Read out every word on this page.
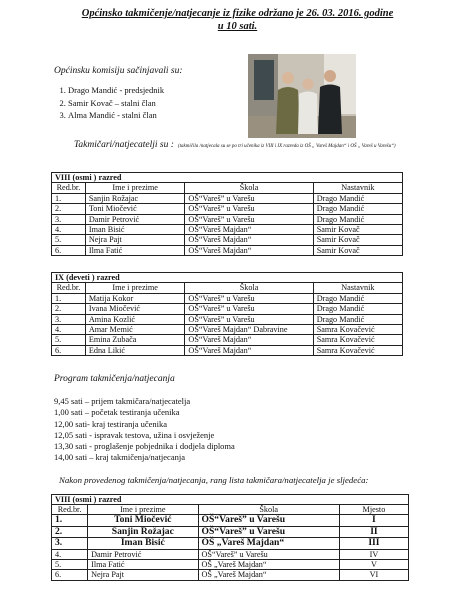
Općinsko takmičenje/natjecanje iz fizike održano je 26. 03. 2016. godine
u 10 sati.
Općinsku komisiju sačinjavali su:
1. Drago Mandić - predsjednik
2. Samir Kovač – stalni član
3. Alma Mandić - stalni član
Takmičari/natjecatelji su : (takmičila /natjecala su se po tri učenika iz VIII i IX razreda iz OŠ „ Vareš Majdan“ i OŠ „ Vareš u Varešu“)
VIII (osmi ) razred			
Red.br.	Ime i prezime	Škola	Nastavnik
1.	Sanjin Rožajac	OŠ“Vareš” u Varešu	Drago Mandić
2.	Toni Miočević	OŠ“Vareš” u Varešu	Drago Mandić
3.	Damir Petrović	OŠ“Vareš” u Varešu	Drago Mandić
4.	Iman Bisić	OŠ“Vareš Majdan“	Samir Kovač
5.	Nejra Pajt	OŠ“Vareš Majdan“	Samir Kovač
6.	Ilma Fatić	OŠ“Vareš Majdan“	Samir Kovač
IX (deveti ) razred			
Red.br.	Ime i prezime	Škola	Nastavnik
1.	Matija Kokor	OŠ“Vareš” u Varešu	Drago Mandić
2.	Ivana Miočević	OŠ“Vareš” u Varešu	Drago Mandić
3.	Amina Kozlić	OŠ“Vareš” u Varešu	Drago Mandić
4.	Amar Memić	OŠ“Vareš Majdan“ Dabravine	Samra Kovačević
5.	Emina Zubača	OŠ“Vareš Majdan“	Samra Kovačević
6.	Edna Likić	OŠ“Vareš Majdan“	Samra Kovačević
Program takmičenja/natjecanja
9,45 sati – prijem takmičara/natjecatelja
1,00 sati – početak testiranja učenika
12,00 sati- kraj testiranja učenika
12,05 sati - ispravak testova, užina i osvježenje
13,30 sati - proglašenje pobjednika i dodjela diploma
14,00 sati – kraj takmičenja/natjecanja
Nakon provedenog takmičenja/natjecanja, rang lista takmičara/natjecatelja je sljedeća:
VIII (osmi ) razred			
Red.br.	Ime i prezime	Škola	Mjesto
1.	Toni Miočević	OŠ“Vareš” u Varešu	I
2.	Sanjin Rožajac	OŠ“Vareš” u Varešu	II
3.	Iman Bisić	OŠ „Vareš Majdan“	III
4.	Damir Petrović	OŠ“Vareš” u Varešu	IV
5.	Ilma Fatić	OŠ „Vareš Majdan“	V
6.	Nejra Pajt	OŠ „Vareš Majdan“	VI
